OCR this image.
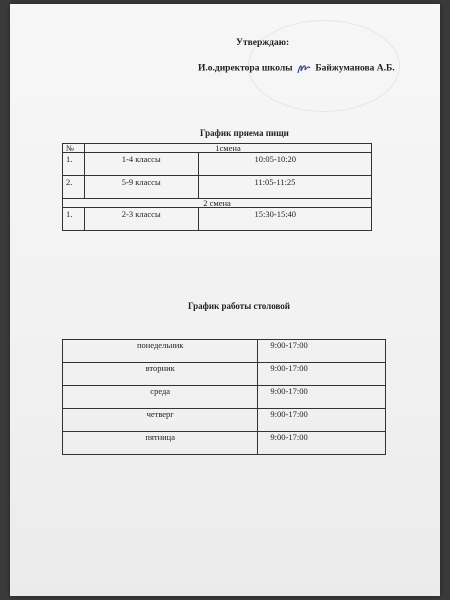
Утверждаю:
И.о.директора школы Байжуманова А.Б.
График приема пищи
№	1смена	
1.	1-4 классы	10:05-10:20
2.	5-9 классы	11:05-11:25
2 смена		
1.	2-3 классы	15:30-15:40
График работы столовой
понедельник	9:00-17:00
вторник	9:00-17:00
среда	9:00-17:00
четверг	9:00-17:00
пятница	9:00-17:00
